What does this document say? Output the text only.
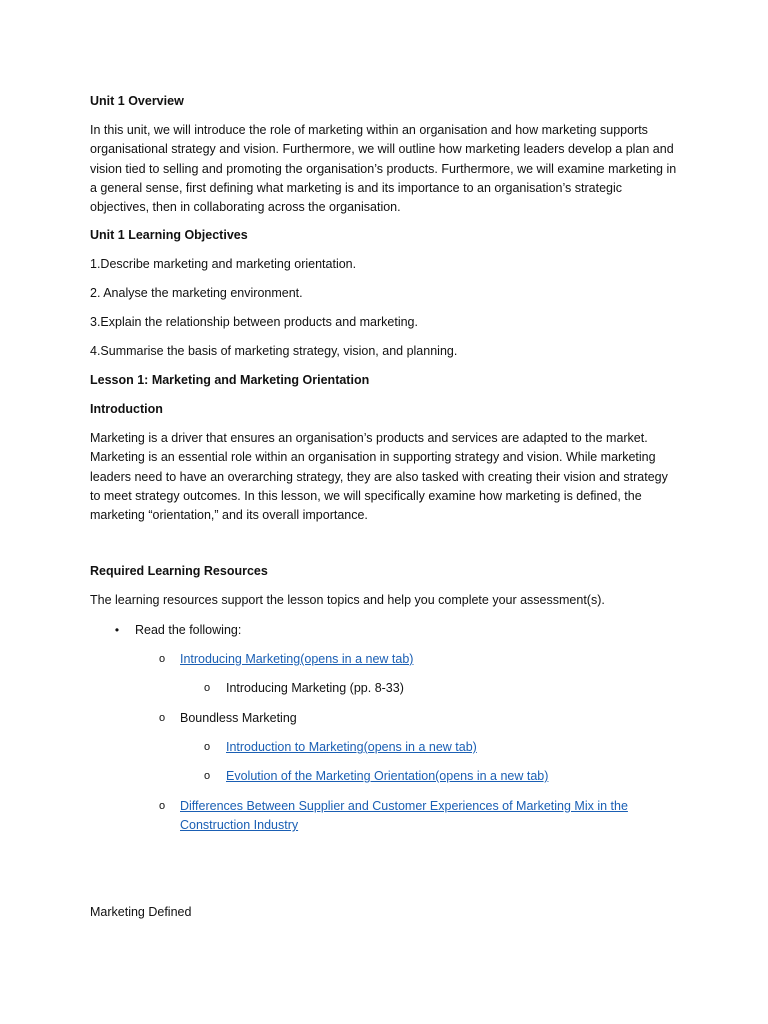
Unit 1 Overview

In this unit, we will introduce the role of marketing within an organisation and how marketing supports organisational strategy and vision. Furthermore, we will outline how marketing leaders develop a plan and vision tied to selling and promoting the organisation’s products. Furthermore, we will examine marketing in a general sense, first defining what marketing is and its importance to an organisation’s strategic objectives, then in collaborating across the organisation.

Unit 1 Learning Objectives

1.Describe marketing and marketing orientation.

2. Analyse the marketing environment.

3.Explain the relationship between products and marketing.

4.Summarise the basis of marketing strategy, vision, and planning.

Lesson 1: Marketing and Marketing Orientation

Introduction

Marketing is a driver that ensures an organisation’s products and services are adapted to the market. Marketing is an essential role within an organisation in supporting strategy and vision. While marketing leaders need to have an overarching strategy, they are also tasked with creating their vision and strategy to meet strategy outcomes. In this lesson, we will specifically examine how marketing is defined, the marketing “orientation,” and its overall importance.

Required Learning Resources

The learning resources support the lesson topics and help you complete your assessment(s).

• Read the following:
o Introducing Marketing(opens in a new tab)
o Introducing Marketing (pp. 8-33)
o Boundless Marketing
o Introduction to Marketing(opens in a new tab)
o Evolution of the Marketing Orientation(opens in a new tab)
o Differences Between Supplier and Customer Experiences of Marketing Mix in the Construction Industry

Marketing Defined
